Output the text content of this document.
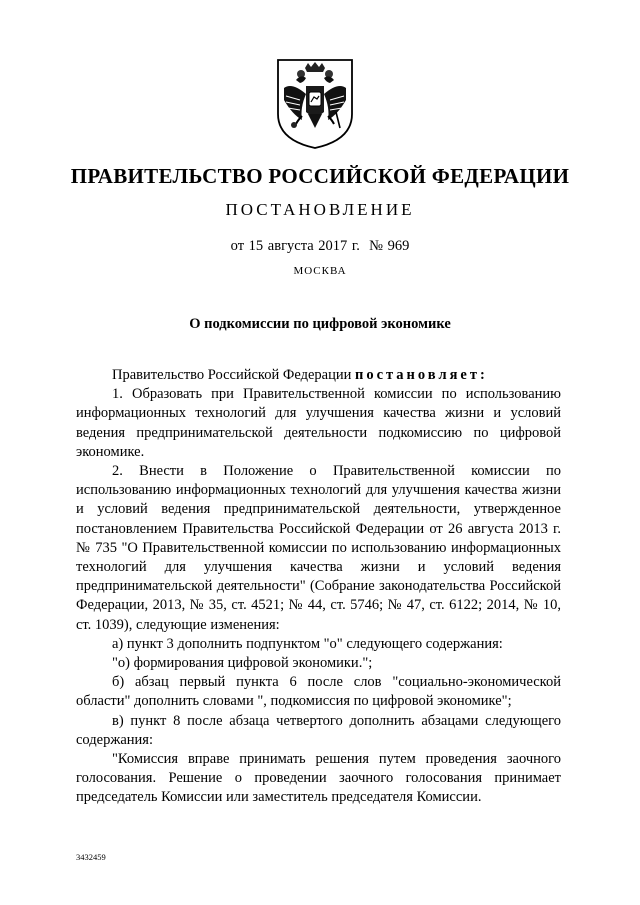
ПРАВИТЕЛЬСТВО РОССИЙСКОЙ ФЕДЕРАЦИИ
ПОСТАНОВЛЕНИЕ
от 15 августа 2017 г.  № 969
МОСКВА
О подкомиссии по цифровой экономике

Правительство Российской Федерации постановляет:

1. Образовать при Правительственной комиссии по использованию информационных технологий для улучшения качества жизни и условий ведения предпринимательской деятельности подкомиссию по цифровой экономике.

2. Внести в Положение о Правительственной комиссии по использованию информационных технологий для улучшения качества жизни и условий ведения предпринимательской деятельности, утвержденное постановлением Правительства Российской Федерации от 26 августа 2013 г. № 735 "О Правительственной комиссии по использованию информационных технологий для улучшения качества жизни и условий ведения предпринимательской деятельности" (Собрание законодательства Российской Федерации, 2013, № 35, ст. 4521; № 44, ст. 5746; № 47, ст. 6122; 2014, № 10, ст. 1039), следующие изменения:

а) пункт 3 дополнить подпунктом "о" следующего содержания:

"о) формирования цифровой экономики.";

б) абзац первый пункта 6 после слов "социально-экономической области" дополнить словами ", подкомиссия по цифровой экономике";

в) пункт 8 после абзаца четвертого дополнить абзацами следующего содержания:

"Комиссия вправе принимать решения путем проведения заочного голосования. Решение о проведении заочного голосования принимает председатель Комиссии или заместитель председателя Комиссии.

3432459
